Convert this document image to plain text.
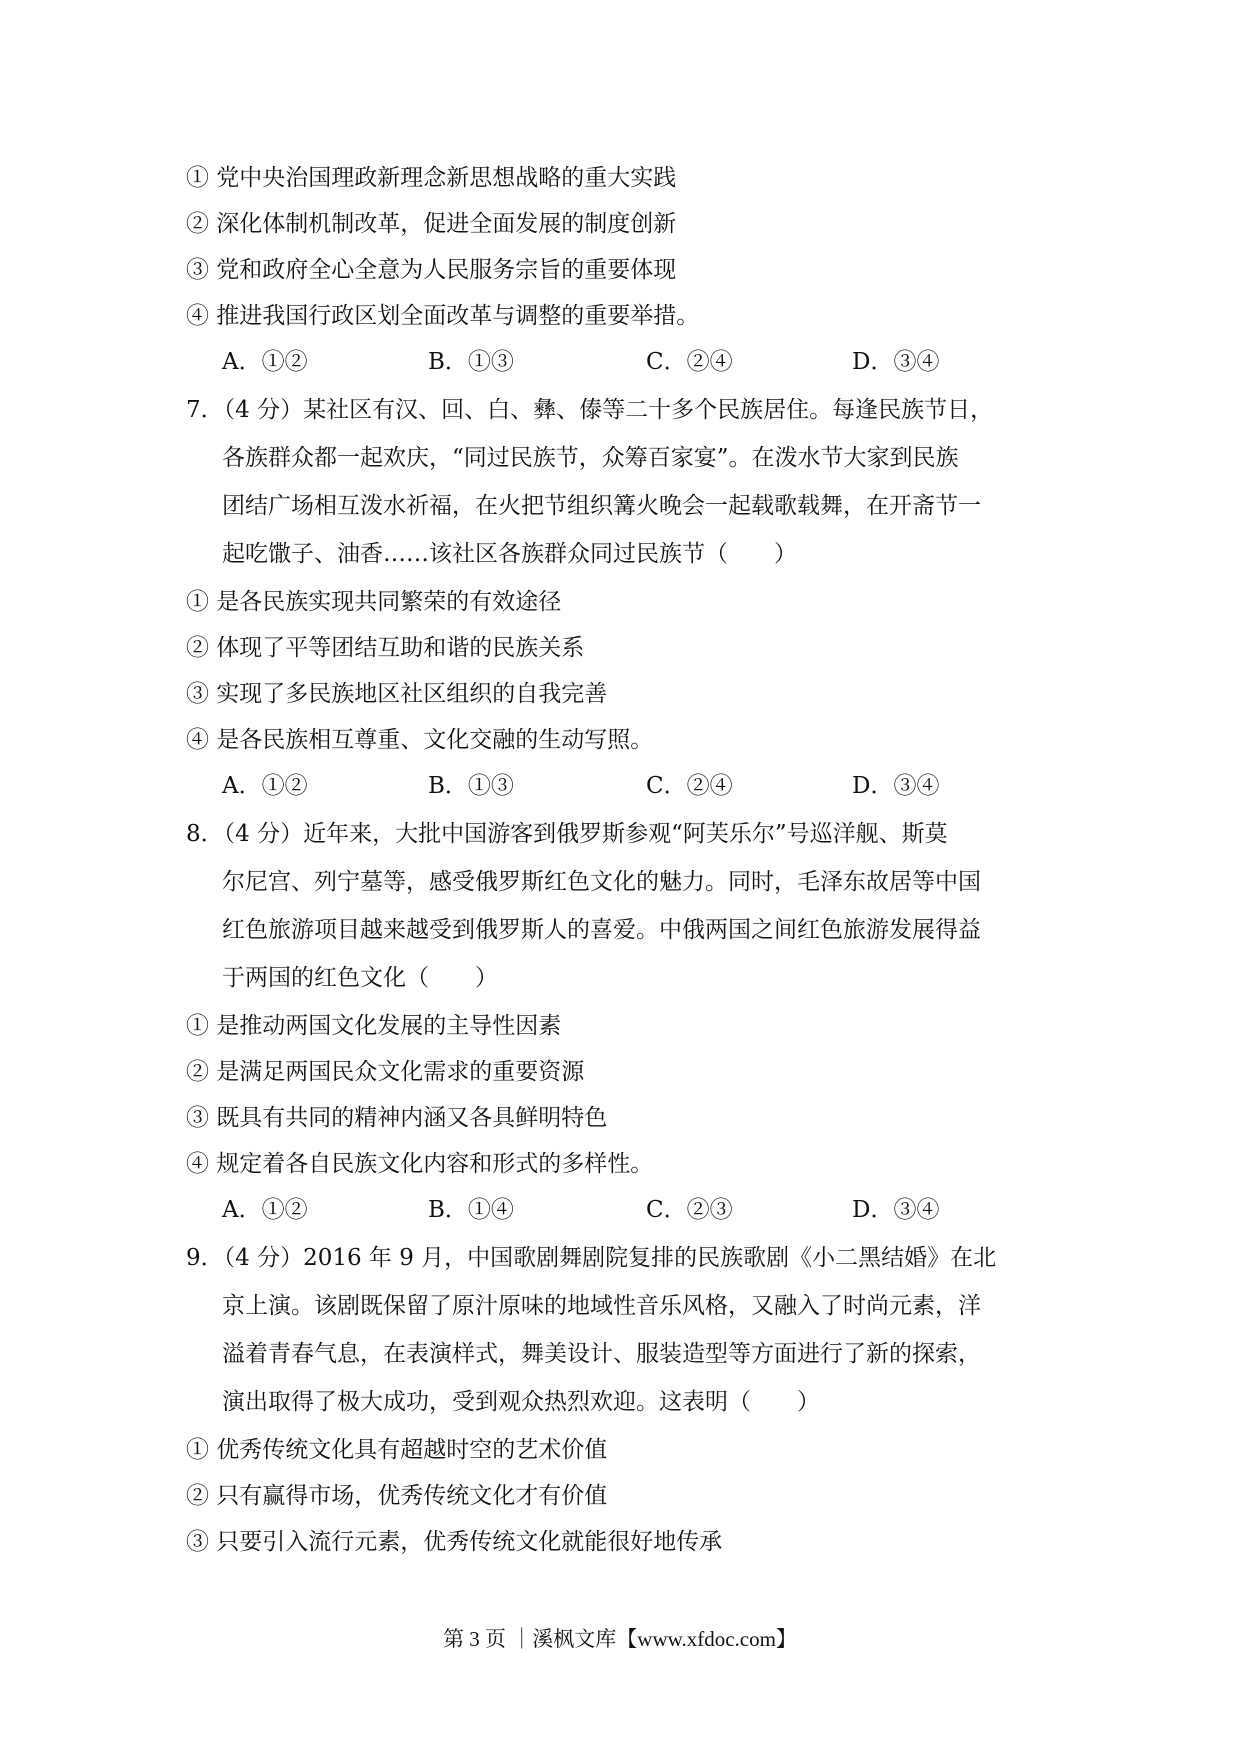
① 党中央治国理政新理念新思想战略的重大实践
② 深化体制机制改革，促进全面发展的制度创新
③ 党和政府全心全意为人民服务宗旨的重要体现
④ 推进我国行政区划全面改革与调整的重要举措。
A．①②	B．①③	C．②④	D．③④
7．（4 分）某社区有汉、回、白、彝、傣等二十多个民族居住。每逢民族节日，
各族群众都一起欢庆，“同过民族节，众筹百家宴”。在泼水节大家到民族
团结广场相互泼水祈福，在火把节组织篝火晚会一起载歌载舞，在开斋节一
起吃馓子、油香……该社区各族群众同过民族节（　　）
① 是各民族实现共同繁荣的有效途径
② 体现了平等团结互助和谐的民族关系
③ 实现了多民族地区社区组织的自我完善
④ 是各民族相互尊重、文化交融的生动写照。
A．①②	B．①③	C．②④	D．③④
8．（4 分）近年来，大批中国游客到俄罗斯参观“阿芙乐尔”号巡洋舰、斯莫
尔尼宫、列宁墓等，感受俄罗斯红色文化的魅力。同时，毛泽东故居等中国
红色旅游项目越来越受到俄罗斯人的喜爱。中俄两国之间红色旅游发展得益
于两国的红色文化（　　）
① 是推动两国文化发展的主导性因素
② 是满足两国民众文化需求的重要资源
③ 既具有共同的精神内涵又各具鲜明特色
④ 规定着各自民族文化内容和形式的多样性。
A．①②	B．①④	C．②③	D．③④
9．（4 分）2016 年 9 月，中国歌剧舞剧院复排的民族歌剧《小二黑结婚》在北
京上演。该剧既保留了原汁原味的地域性音乐风格，又融入了时尚元素，洋
溢着青春气息，在表演样式，舞美设计、服装造型等方面进行了新的探索，
演出取得了极大成功，受到观众热烈欢迎。这表明（　　）
① 优秀传统文化具有超越时空的艺术价值
② 只有赢得市场，优秀传统文化才有价值
③ 只要引入流行元素，优秀传统文化就能很好地传承
第 3 页 ｜溪枫文库【www.xfdoc.com】
